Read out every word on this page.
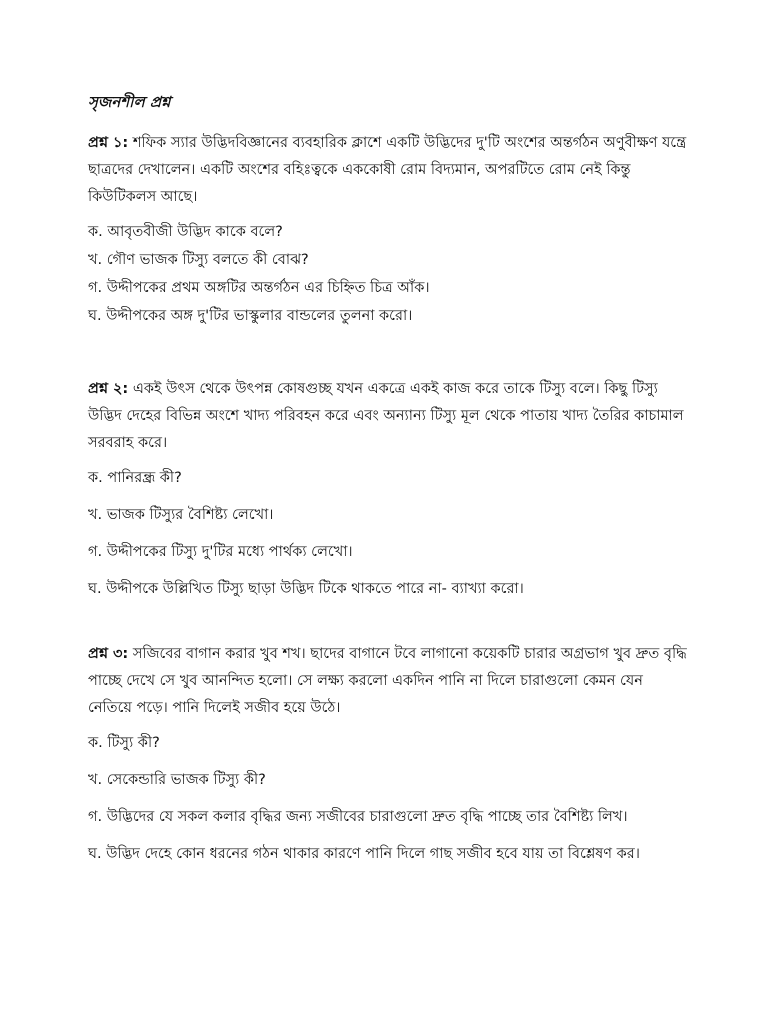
সৃজনশীল প্রশ্ন

প্রশ্ন ১: শফিক স্যার উদ্ভিদবিজ্ঞানের ব্যবহারিক ক্লাশে একটি উদ্ভিদের দু'টি অংশের অন্তর্গঠন অণুবীক্ষণ যন্ত্রে ছাত্রদের দেখালেন। একটি অংশের বহিঃত্বকে এককোষী রোম বিদ্যমান, অপরটিতে রোম নেই কিন্তু কিউটিকলস আছে।

ক. আবৃতবীজী উদ্ভিদ কাকে বলে?

খ. গৌণ ভাজক টিস্যু বলতে কী বোঝ?

গ. উদ্দীপকের প্রথম অঙ্গটির অন্তর্গঠন এর চিহ্নিত চিত্র আঁক।

ঘ. উদ্দীপকের অঙ্গ দু'টির ভাস্কুলার বান্ডলের তুলনা করো।

প্রশ্ন ২: একই উৎস থেকে উৎপন্ন কোষগুচ্ছ যখন একত্রে একই কাজ করে তাকে টিস্যু বলে। কিছু টিস্যু উদ্ভিদ দেহের বিভিন্ন অংশে খাদ্য পরিবহন করে এবং অন্যান্য টিস্যু মূল থেকে পাতায় খাদ্য তৈরির কাচামাল সরবরাহ করে।

ক. পানিরন্ধ্র কী?

খ. ভাজক টিস্যুর বৈশিষ্ট্য লেখো।

গ. উদ্দীপকের টিস্যু দু'টির মধ্যে পার্থক্য লেখো।

ঘ. উদ্দীপকে উল্লিখিত টিস্যু ছাড়া উদ্ভিদ টিকে থাকতে পারে না- ব্যাখ্যা করো।

প্রশ্ন ৩: সজিবের বাগান করার খুব শখ। ছাদের বাগানে টবে লাগানো কয়েকটি চারার অগ্রভাগ খুব দ্রুত বৃদ্ধি পাচ্ছে দেখে সে খুব আনন্দিত হলো। সে লক্ষ্য করলো একদিন পানি না দিলে চারাগুলো কেমন যেন নেতিয়ে পড়ে। পানি দিলেই সজীব হয়ে উঠে।

ক. টিস্যু কী?

খ. সেকেন্ডারি ভাজক টিস্যু কী?

গ. উদ্ভিদের যে সকল কলার বৃদ্ধির জন্য সজীবের চারাগুলো দ্রুত বৃদ্ধি পাচ্ছে তার বৈশিষ্ট্য লিখ।

ঘ. উদ্ভিদ দেহে কোন ধরনের গঠন থাকার কারণে পানি দিলে গাছ সজীব হবে যায় তা বিশ্লেষণ কর।
